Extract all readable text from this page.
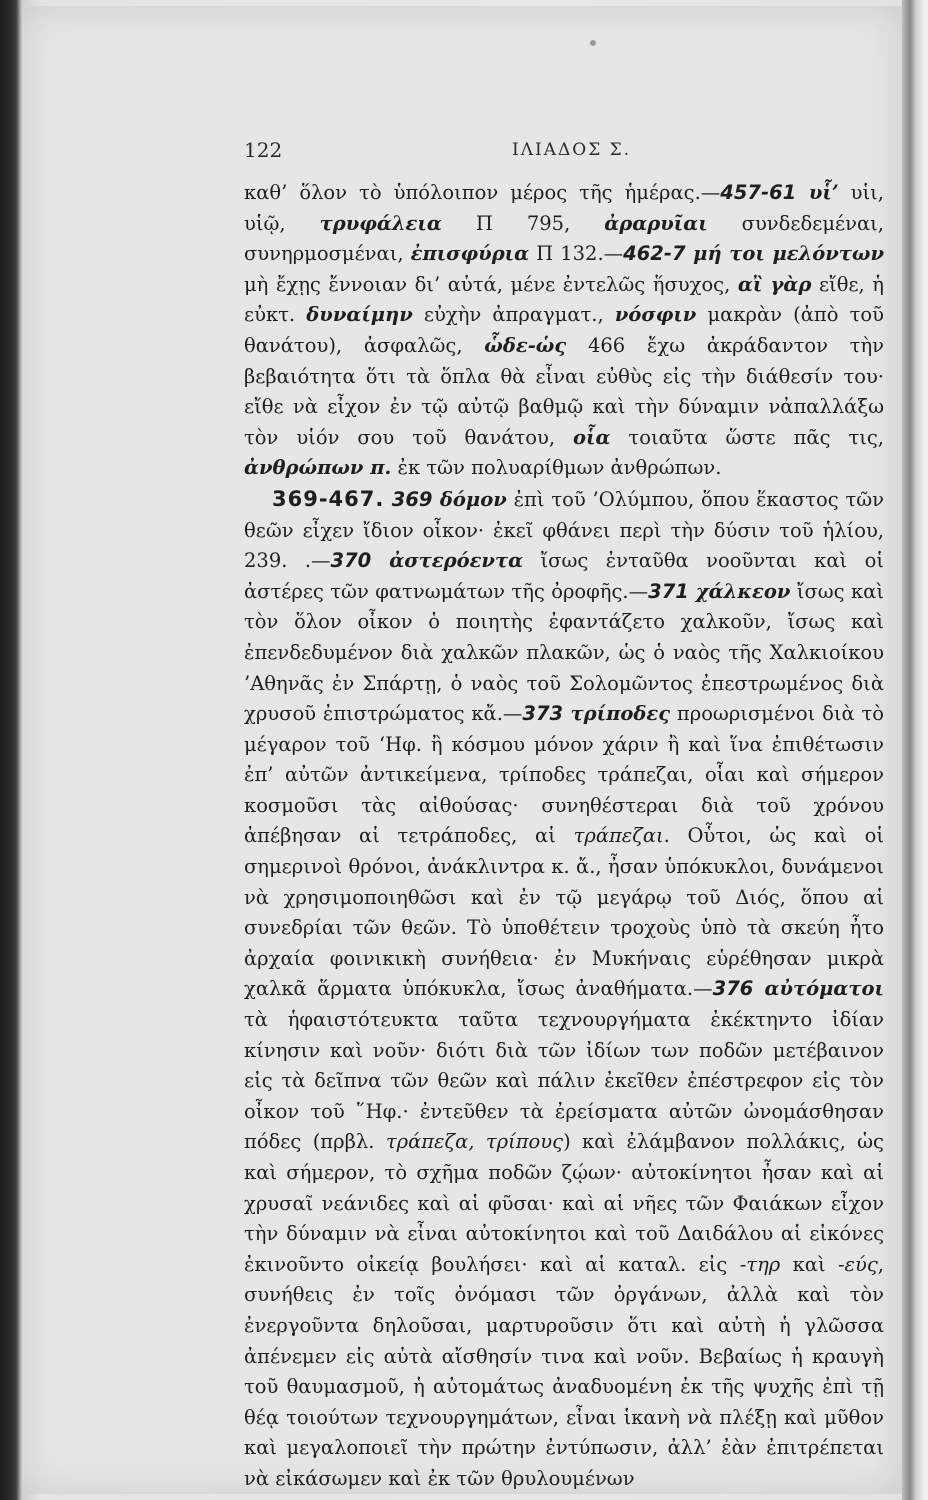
122	ΙΛΙΑΔΟΣ Σ.

καθ’ ὅλον τὸ ὑπόλοιπον μέρος τῆς ἡμέρας.—457-61 υἷ’ υἱι, υἱῷ, τρυφάλεια Π 795, ἀραρυῖαι συνδεδεμέναι, συνηρμοσμέναι, ἐπισφύρια Π 132.—462-7 μή τοι μελόντων μὴ ἔχῃς ἔννοιαν δι’ αὐτά, μένε ἐντελῶς ἥσυχος, αἲ γὰρ εἴθε, ἡ εὐκτ. δυναίμην εὐχὴν ἀπραγματ., νόσφιν μακρὰν (ἀπὸ τοῦ θανάτου), ἀσφαλῶς, ὧδε-ὡς 466 ἔχω ἀκράδαντον τὴν βεβαιότητα ὅτι τὰ ὅπλα θὰ εἶναι εὐθὺς εἰς τὴν διάθεσίν του· εἴθε νὰ εἶχον ἐν τῷ αὐτῷ βαθμῷ καὶ τὴν δύναμιν νἀπαλλάξω τὸν υἱόν σου τοῦ θανάτου, οἷα τοιαῦτα ὥστε πᾶς τις, ἀνθρώπων π. ἐκ τῶν πολυαρίθμων ἀνθρώπων.

369-467. 369 δόμον ἐπὶ τοῦ ’Ολύμπου, ὅπου ἕκαστος τῶν θεῶν εἶχεν ἴδιον οἶκον· ἐκεῖ φθάνει περὶ τὴν δύσιν τοῦ ἡλίου, 239. .—370 ἀστερόεντα ἴσως ἐνταῦθα νοοῦνται καὶ οἱ ἀστέρες τῶν φατνωμάτων τῆς ὀροφῆς.—371 χάλκεον ἴσως καὶ τὸν ὅλον οἶκον ὁ ποιητὴς ἐφαντάζετο χαλκοῦν, ἴσως καὶ ἐπενδεδυμένον διὰ χαλκῶν πλακῶν, ὡς ὁ ναὸς τῆς Χαλκιοίκου ’Αθηνᾶς ἐν Σπάρτῃ, ὁ ναὸς τοῦ Σολομῶντος ἐπεστρωμένος διὰ χρυσοῦ ἐπιστρώματος κἄ.—373 τρίποδες προωρισμένοι διὰ τὸ μέγαρον τοῦ ‘Ηφ. ἢ κόσμου μόνον χάριν ἢ καὶ ἵνα ἐπιθέτωσιν ἐπ’ αὐτῶν ἀντικείμενα, τρίποδες τράπεζαι, οἷαι καὶ σήμερον κοσμοῦσι τὰς αἰθούσας· συνηθέστεραι διὰ τοῦ χρόνου ἀπέβησαν αἱ τετράποδες, αἱ τράπεζαι. Οὗτοι, ὡς καὶ οἱ σημερινοὶ θρόνοι, ἀνάκλιντρα κ. ἄ., ἦσαν ὑπόκυκλοι, δυνάμενοι νὰ χρησιμοποιηθῶσι καὶ ἐν τῷ μεγάρῳ τοῦ Διός, ὅπου αἱ συνεδρίαι τῶν θεῶν. Τὸ ὑποθέτειν τροχοὺς ὑπὸ τὰ σκεύη ἦτο ἀρχαία φοινικικὴ συνήθεια· ἐν Μυκήναις εὑρέθησαν μικρὰ χαλκᾶ ἅρματα ὑπόκυκλα, ἴσως ἀναθήματα.—376 αὐτόματοι τὰ ἡφαιστότευκτα ταῦτα τεχνουργήματα ἐκέκτηντο ἰδίαν κίνησιν καὶ νοῦν· διότι διὰ τῶν ἰδίων των ποδῶν μετέβαινον εἰς τὰ δεῖπνα τῶν θεῶν καὶ πάλιν ἐκεῖθεν ἐπέστρεφον εἰς τὸν οἶκον τοῦ ῞Ηφ.· ἐντεῦθεν τὰ ἐρείσματα αὐτῶν ὠνομάσθησαν πόδες (πρβλ. τράπεζα, τρίπους) καὶ ἐλάμβανον πολλάκις, ὡς καὶ σήμερον, τὸ σχῆμα ποδῶν ζῴων· αὐτοκίνητοι ἦσαν καὶ αἱ χρυσαῖ νεάνιδες καὶ αἱ φῦσαι· καὶ αἱ νῆες τῶν Φαιάκων εἶχον τὴν δύναμιν νὰ εἶναι αὐτοκίνητοι καὶ τοῦ Δαιδάλου αἱ εἰκόνες ἐκινοῦντο οἰκείᾳ βουλήσει· καὶ αἱ καταλ. εἰς -τηρ καὶ -εύς, συνήθεις ἐν τοῖς ὀνόμασι τῶν ὀργάνων, ἀλλὰ καὶ τὸν ἐνεργοῦντα δηλοῦσαι, μαρτυροῦσιν ὅτι καὶ αὐτὴ ἡ γλῶσσα ἀπένεμεν εἰς αὐτὰ αἴσθησίν τινα καὶ νοῦν. Βεβαίως ἡ κραυγὴ τοῦ θαυμασμοῦ, ἡ αὐτομάτως ἀναδυομένη ἐκ τῆς ψυχῆς ἐπὶ τῇ θέᾳ τοιούτων τεχνουργημάτων, εἶναι ἱκανὴ νὰ πλέξῃ καὶ μῦθον καὶ μεγαλοποιεῖ τὴν πρώτην ἐντύπωσιν, ἀλλ’ ἐὰν ἐπιτρέπεται νὰ εἰκάσωμεν καὶ ἐκ τῶν θρυλουμένων
